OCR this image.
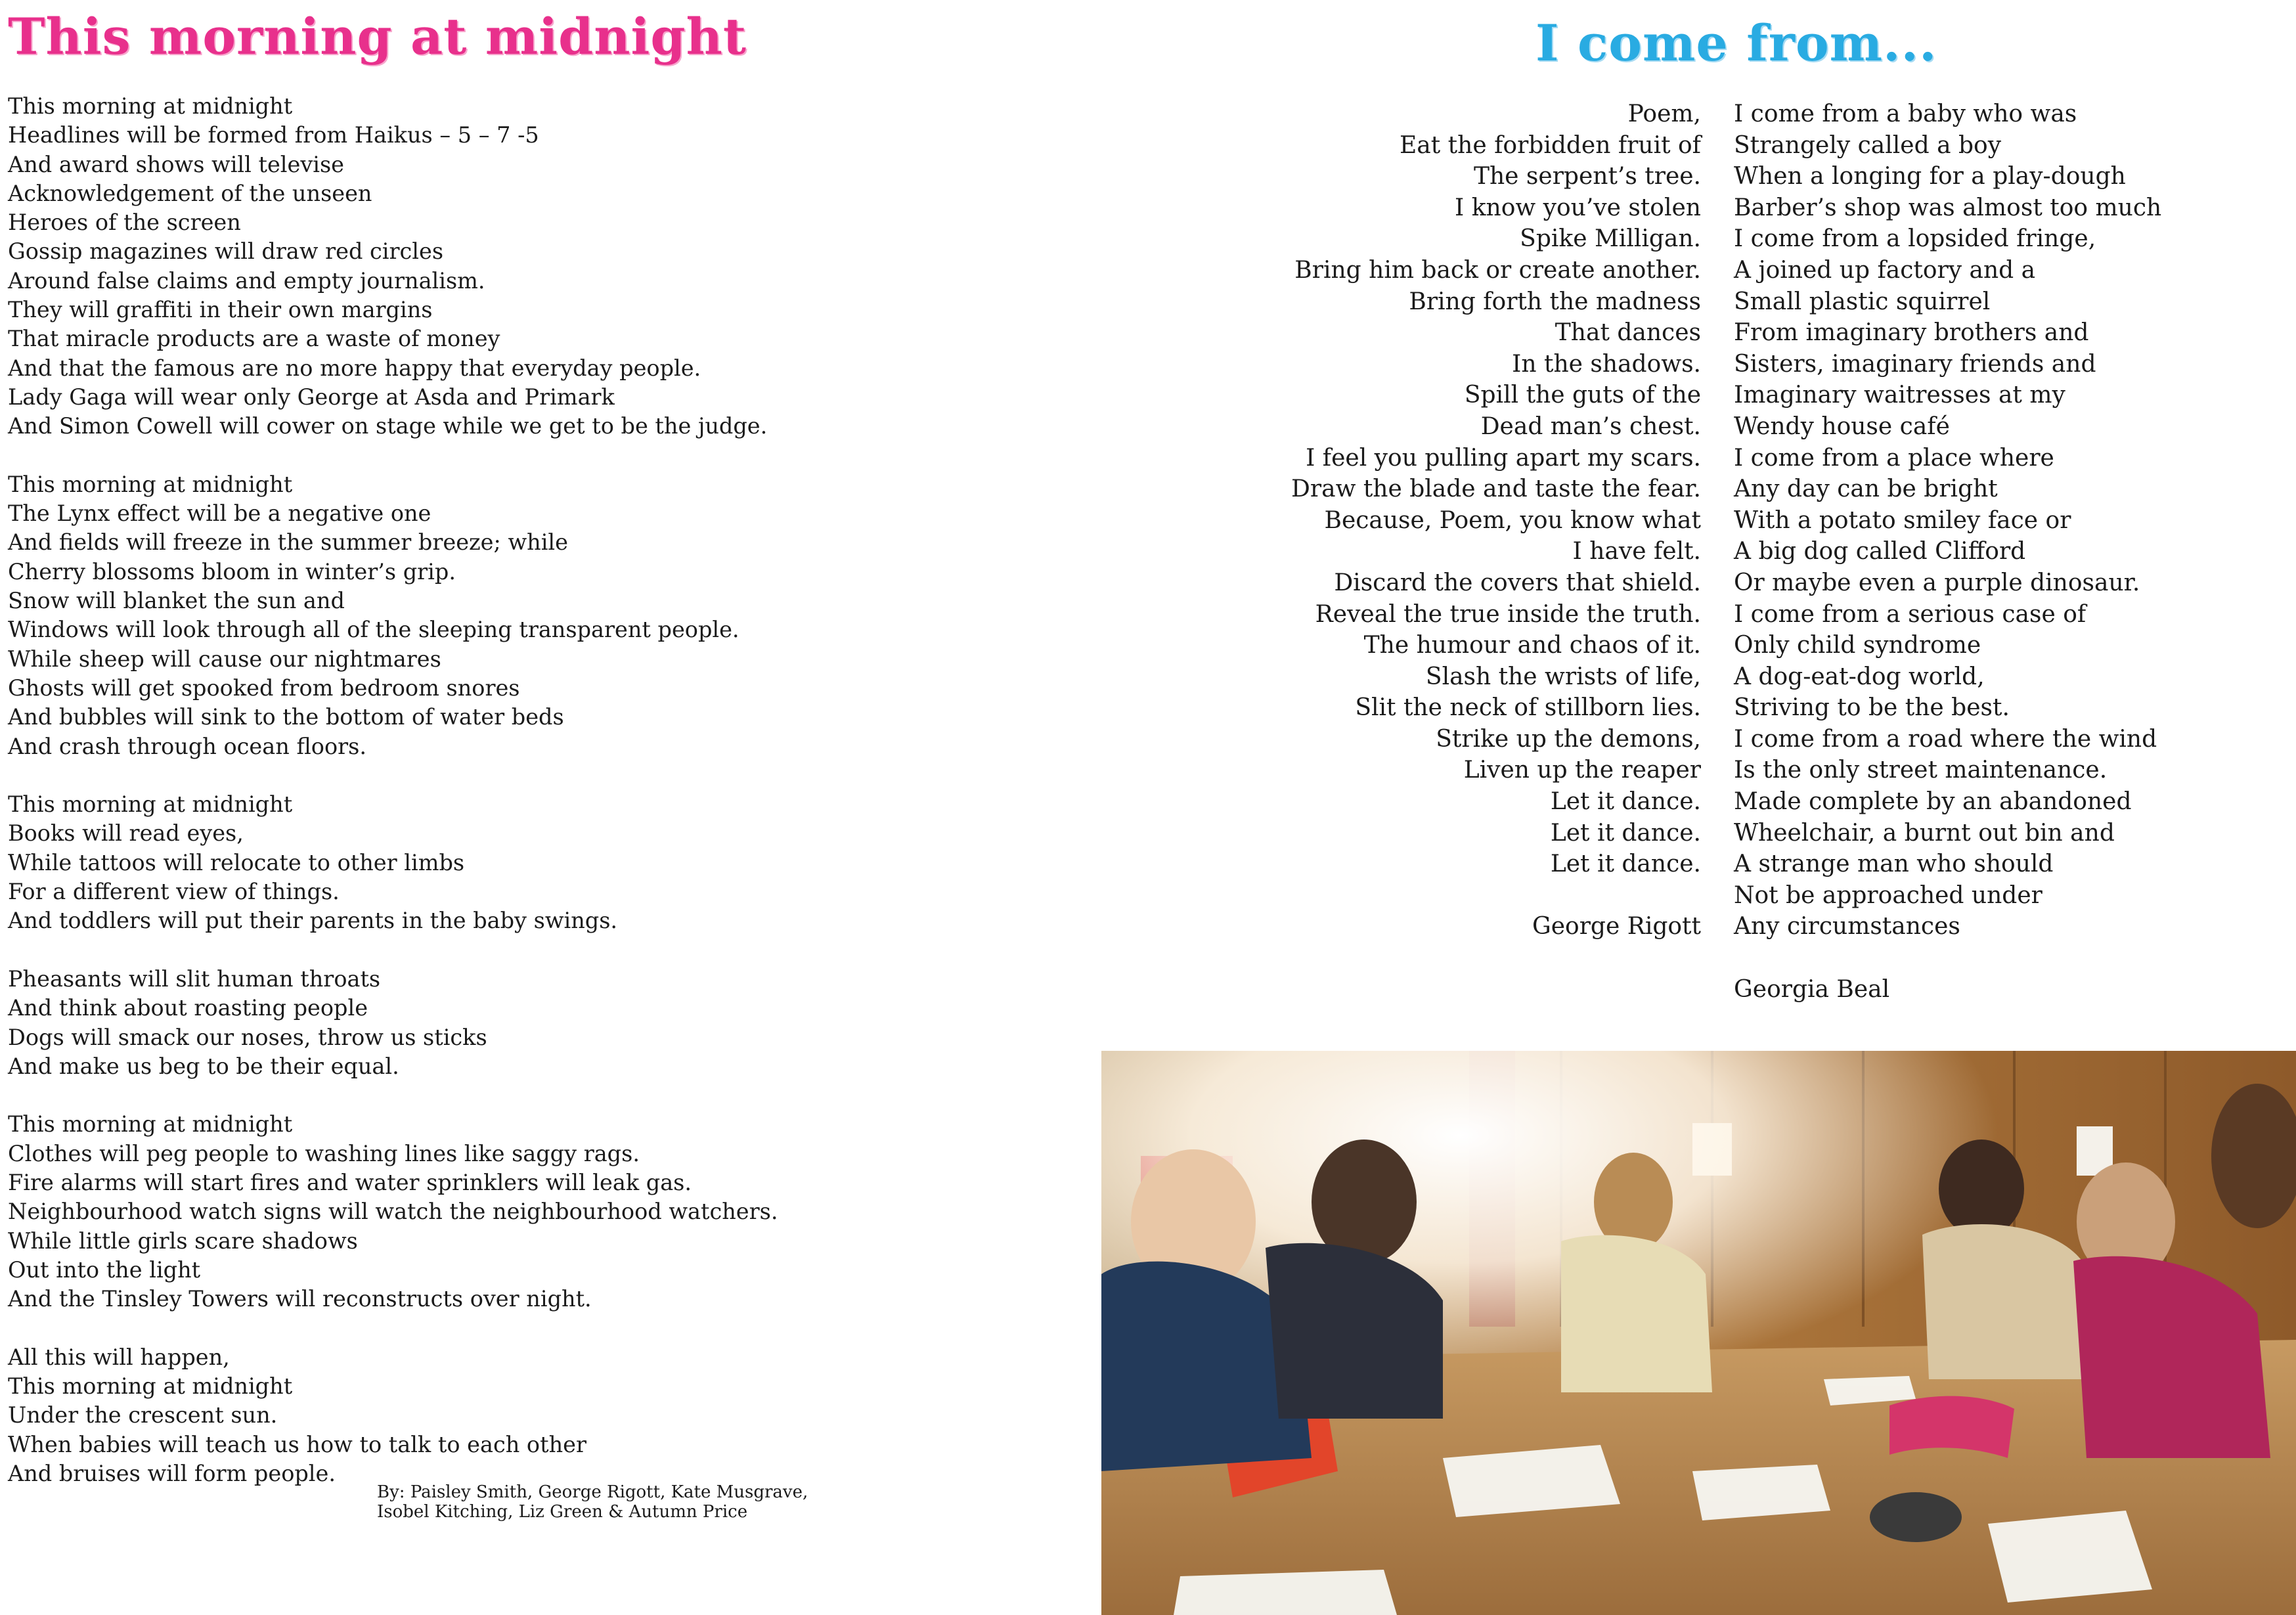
This morning at midnight
This morning at midnight
Headlines will be formed from Haikus – 5 – 7 -5
And award shows will televise
Acknowledgement of the unseen
Heroes of the screen
Gossip magazines will draw red circles
Around false claims and empty journalism.
They will graffiti in their own margins
That miracle products are a waste of money
And that the famous are no more happy that everyday people.
Lady Gaga will wear only George at Asda and Primark
And Simon Cowell will cower on stage while we get to be the judge.
This morning at midnight
The Lynx effect will be a negative one
And fields will freeze in the summer breeze; while
Cherry blossoms bloom in winter’s grip.
Snow will blanket the sun and
Windows will look through all of the sleeping transparent people.
While sheep will cause our nightmares
Ghosts will get spooked from bedroom snores
And bubbles will sink to the bottom of water beds
And crash through ocean floors.
This morning at midnight
Books will read eyes,
While tattoos will relocate to other limbs
For a different view of things.
And toddlers will put their parents in the baby swings.
Pheasants will slit human throats
And think about roasting people
Dogs will smack our noses, throw us sticks
And make us beg to be their equal.
This morning at midnight
Clothes will peg people to washing lines like saggy rags.
Fire alarms will start fires and water sprinklers will leak gas.
Neighbourhood watch signs will watch the neighbourhood watchers.
While little girls scare shadows
Out into the light
And the Tinsley Towers will reconstructs over night.
All this will happen,
This morning at midnight
Under the crescent sun.
When babies will teach us how to talk to each other
And bruises will form people.
By: Paisley Smith, George Rigott, Kate Musgrave,
Isobel Kitching, Liz Green & Autumn Price
I come from...
Poem,
Eat the forbidden fruit of
The serpent’s tree.
I know you’ve stolen
Spike Milligan.
Bring him back or create another.
Bring forth the madness
That dances
In the shadows.
Spill the guts of the
Dead man’s chest.
I feel you pulling apart my scars.
Draw the blade and taste the fear.
Because, Poem, you know what
I have felt.
Discard the covers that shield.
Reveal the true inside the truth.
The humour and chaos of it.
Slash the wrists of life,
Slit the neck of stillborn lies.
Strike up the demons,
Liven up the reaper
Let it dance.
Let it dance.
Let it dance.
George Rigott
I come from a baby who was
Strangely called a boy
When a longing for a play-dough
Barber’s shop was almost too much
I come from a lopsided fringe,
A joined up factory and a
Small plastic squirrel
From imaginary brothers and
Sisters, imaginary friends and
Imaginary waitresses at my
Wendy house café
I come from a place where
Any day can be bright
With a potato smiley face or
A big dog called Clifford
Or maybe even a purple dinosaur.
I come from a serious case of
Only child syndrome
A dog-eat-dog world,
Striving to be the best.
I come from a road where the wind
Is the only street maintenance.
Made complete by an abandoned
Wheelchair, a burnt out bin and
A strange man who should
Not be approached under
Any circumstances
Georgia Beal
